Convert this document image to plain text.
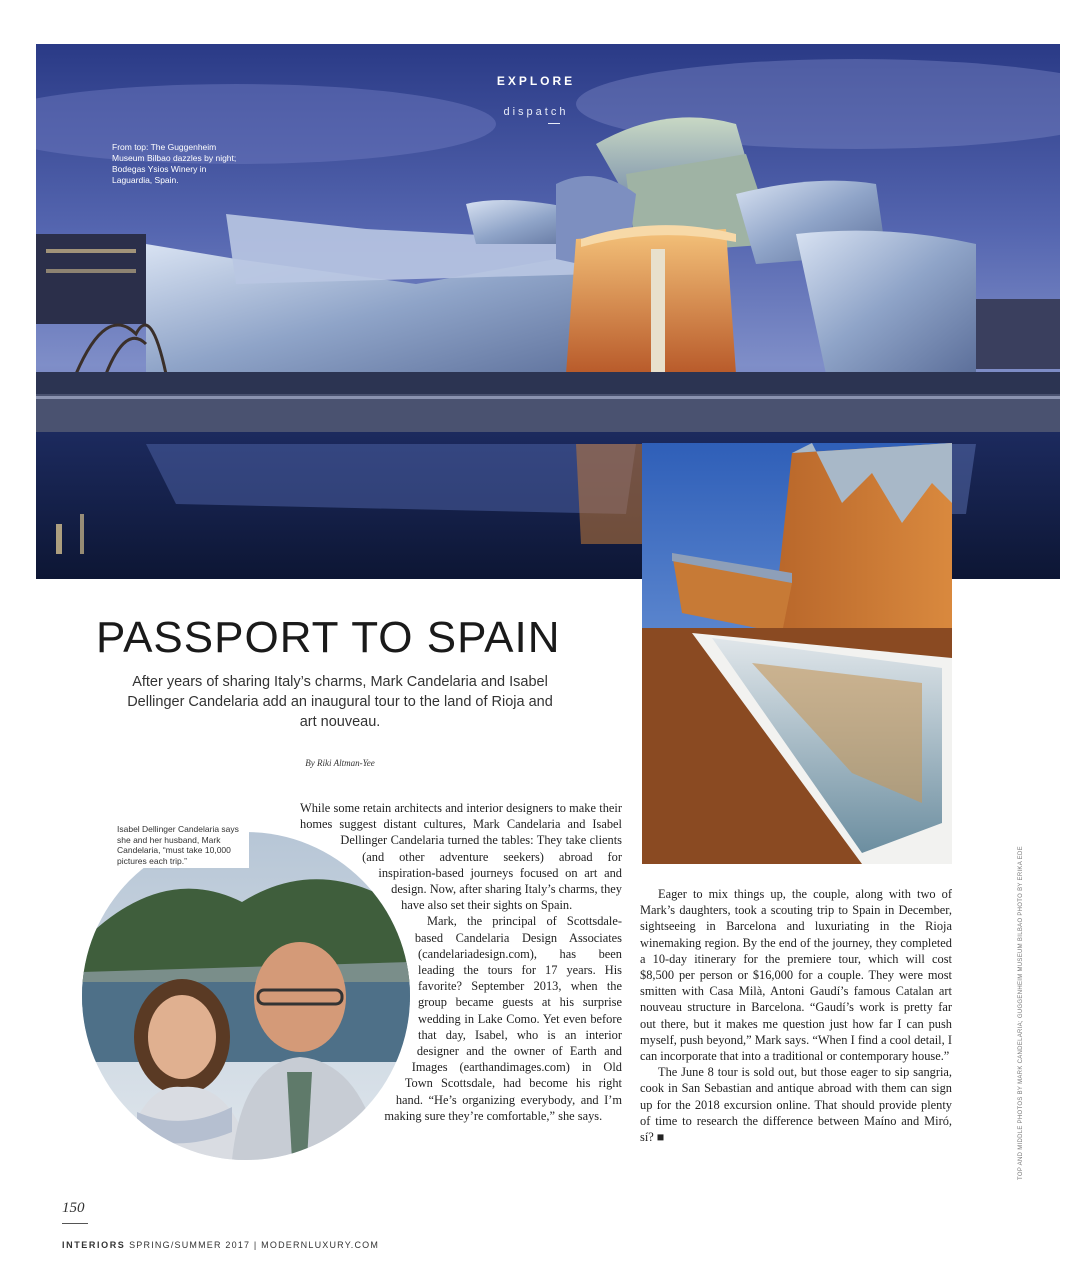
EXPLORE
dispatch
From top: The Guggenheim Museum Bilbao dazzles by night; Bodegas Ysios Winery in Laguardia, Spain.
PASSPORT TO SPAIN
After years of sharing Italy’s charms, Mark Candelaria and Isabel Dellinger Candelaria add an inaugural tour to the land of Rioja and art nouveau.
By Riki Altman-Yee
Isabel Dellinger Candelaria says she and her husband, Mark Candelaria, “must take 10,000 pictures each trip.”

While some retain architects and interior designers to make their homes suggest distant cultures, Mark Candelaria and Isabel Dellinger Candelaria turned the tables: They take clients (and other adventure seekers) abroad for inspiration-based journeys focused on art and design. Now, after sharing Italy’s charms, they have also set their sights on Spain.

Mark, the principal of Scottsdale-based Candelaria Design Associates (candelariadesign.com), has been leading the tours for 17 years. His favorite? September 2013, when the group became guests at his surprise wedding in Lake Como. Yet even before that day, Isabel, who is an interior designer and the owner of Earth and Images (earthandimages.com) in Old Town Scottsdale, had become his right hand. “He’s organizing everybody, and I’m making sure they’re comfortable,” she says.

Eager to mix things up, the couple, along with two of Mark’s daughters, took a scouting trip to Spain in December, sightseeing in Barcelona and luxuriating in the Rioja winemaking region. By the end of the journey, they completed a 10-day itinerary for the premiere tour, which will cost $8,500 per person or $16,000 for a couple. They were most smitten with Casa Milà, Antoni Gaudí’s famous Catalan art nouveau structure in Barcelona. “Gaudí’s work is pretty far out there, but it makes me question just how far I can push myself, push beyond,” Mark says. “When I find a cool detail, I can incorporate that into a traditional or contemporary house.”

The June 8 tour is sold out, but those eager to sip sangria, cook in San Sebastian and antique abroad with them can sign up for the 2018 excursion online. That should provide plenty of time to research the difference between Maíno and Miró, sí? ■	TOP AND MIDDLE PHOTOS BY MARK CANDELARIA; GUGGENHEIM MUSEUM BILBAO PHOTO BY ERIKA EDE
150
INTERIORS SPRING/SUMMER 2017 | MODERNLUXURY.COM
